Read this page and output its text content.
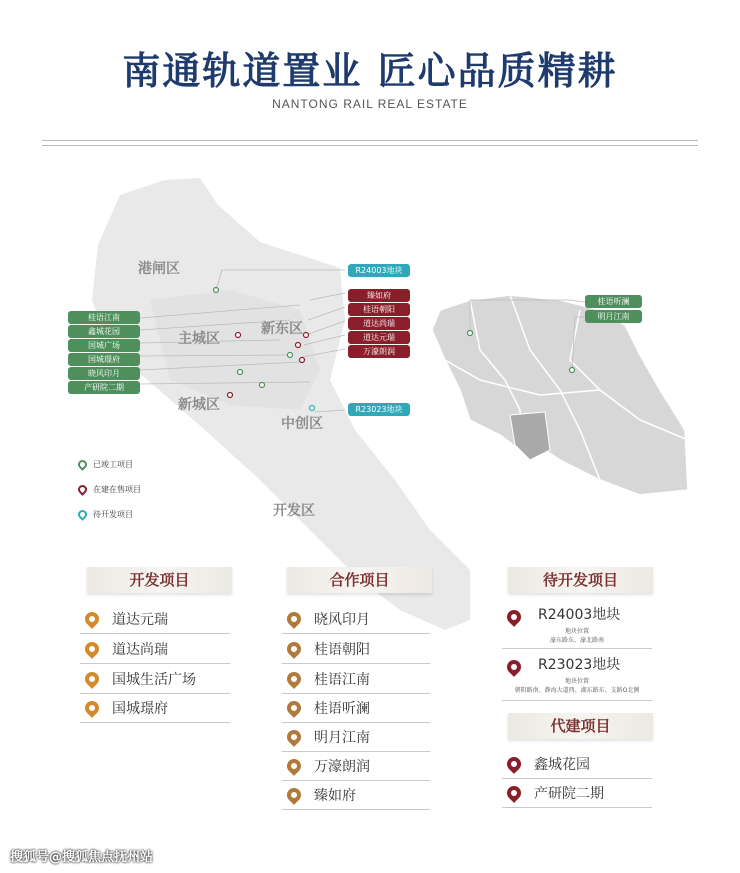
南通轨道置业 匠心品质精耕
NANTONG RAIL REAL ESTATE
港闸区
主城区
新东区
新城区
中创区
开发区
桂语江南
鑫城花园
国城广场
国城璟府
晓风印月
产研院二期
R24003地块
臻如府
桂语朝阳
道达尚瑞
道达元瑞
万濠朗润
R23023地块
桂语听澜
明月江南
已竣工项目
在建在售项目
待开发项目
开发项目
道达元瑞
道达尚瑞
国城生活广场
国城璟府
合作项目
晓风印月
桂语朝阳
桂语江南
桂语听澜
明月江南
万濠朗润
臻如府
待开发项目
R24003地块
地块位置
濠东路东、濠北路南
R23023地块
地块位置
朝阳路南、静海大道西、湖东路东、支路O北侧
代建项目
鑫城花园
产研院二期
搜狐号@搜狐焦点抚州站
